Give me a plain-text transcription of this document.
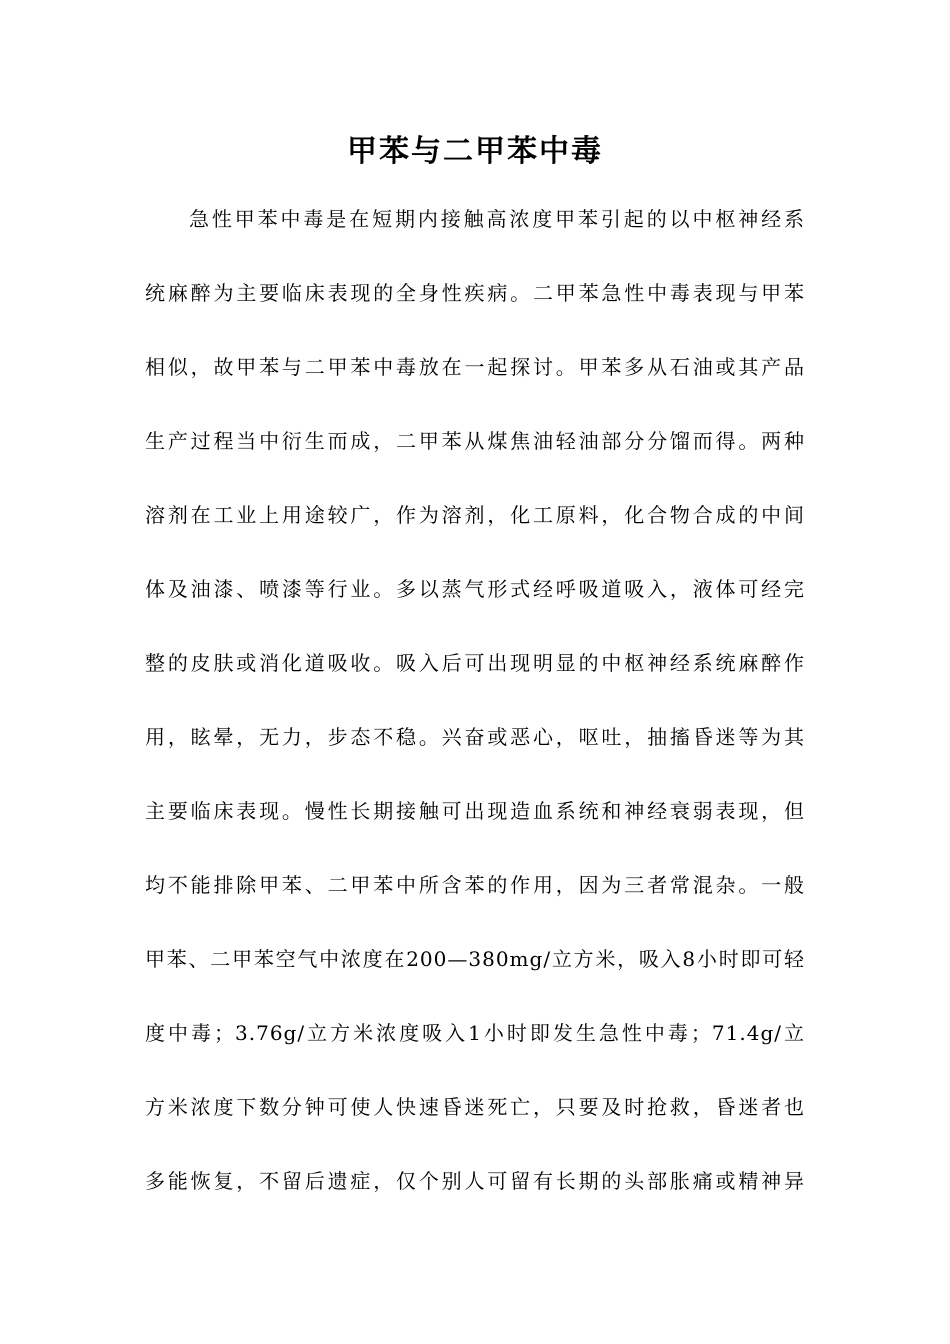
甲苯与二甲苯中毒
急性甲苯中毒是在短期内接触高浓度甲苯引起的以中枢神经系
统麻醉为主要临床表现的全身性疾病。二甲苯急性中毒表现与甲苯
相似，故甲苯与二甲苯中毒放在一起探讨。甲苯多从石油或其产品
生产过程当中衍生而成，二甲苯从煤焦油轻油部分分馏而得。两种
溶剂在工业上用途较广，作为溶剂，化工原料，化合物合成的中间
体及油漆、喷漆等行业。多以蒸气形式经呼吸道吸入，液体可经完
整的皮肤或消化道吸收。吸入后可出现明显的中枢神经系统麻醉作
用，眩晕，无力，步态不稳。兴奋或恶心，呕吐，抽搐昏迷等为其
主要临床表现。慢性长期接触可出现造血系统和神经衰弱表现，但
均不能排除甲苯、二甲苯中所含苯的作用，因为三者常混杂。一般
甲苯、二甲苯空气中浓度在200—380mg/立方米，吸入8小时即可轻
度中毒；3.76g/立方米浓度吸入1小时即发生急性中毒；71.4g/立
方米浓度下数分钟可使人快速昏迷死亡，只要及时抢救，昏迷者也
多能恢复，不留后遗症，仅个别人可留有长期的头部胀痛或精神异
